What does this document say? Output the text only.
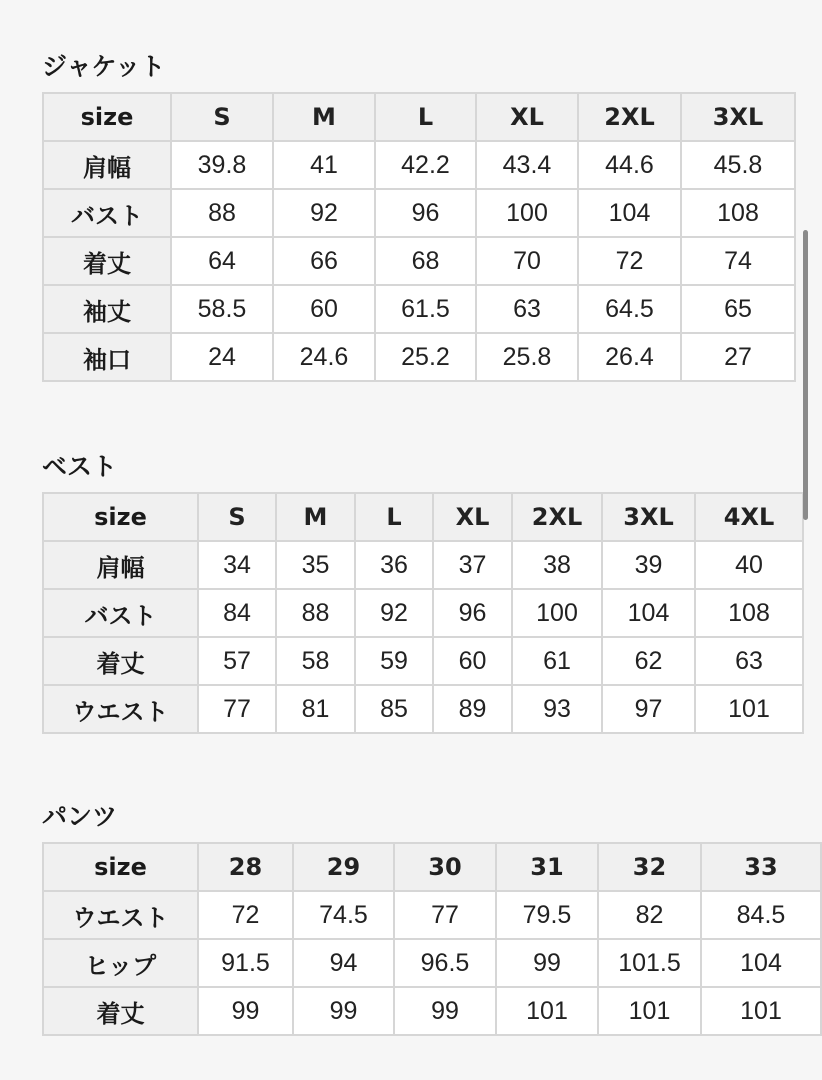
ジャケット
size	S	M	L	XL	2XL	3XL
肩幅	39.8	41	42.2	43.4	44.6	45.8
バスト	88	92	96	100	104	108
着丈	64	66	68	70	72	74
袖丈	58.5	60	61.5	63	64.5	65
袖口	24	24.6	25.2	25.8	26.4	27
ベスト
size	S	M	L	XL	2XL	3XL	4XL
肩幅	34	35	36	37	38	39	40
バスト	84	88	92	96	100	104	108
着丈	57	58	59	60	61	62	63
ウエスト	77	81	85	89	93	97	101
パンツ
size	28	29	30	31	32	33
ウエスト	72	74.5	77	79.5	82	84.5
ヒップ	91.5	94	96.5	99	101.5	104
着丈	99	99	99	101	101	101
